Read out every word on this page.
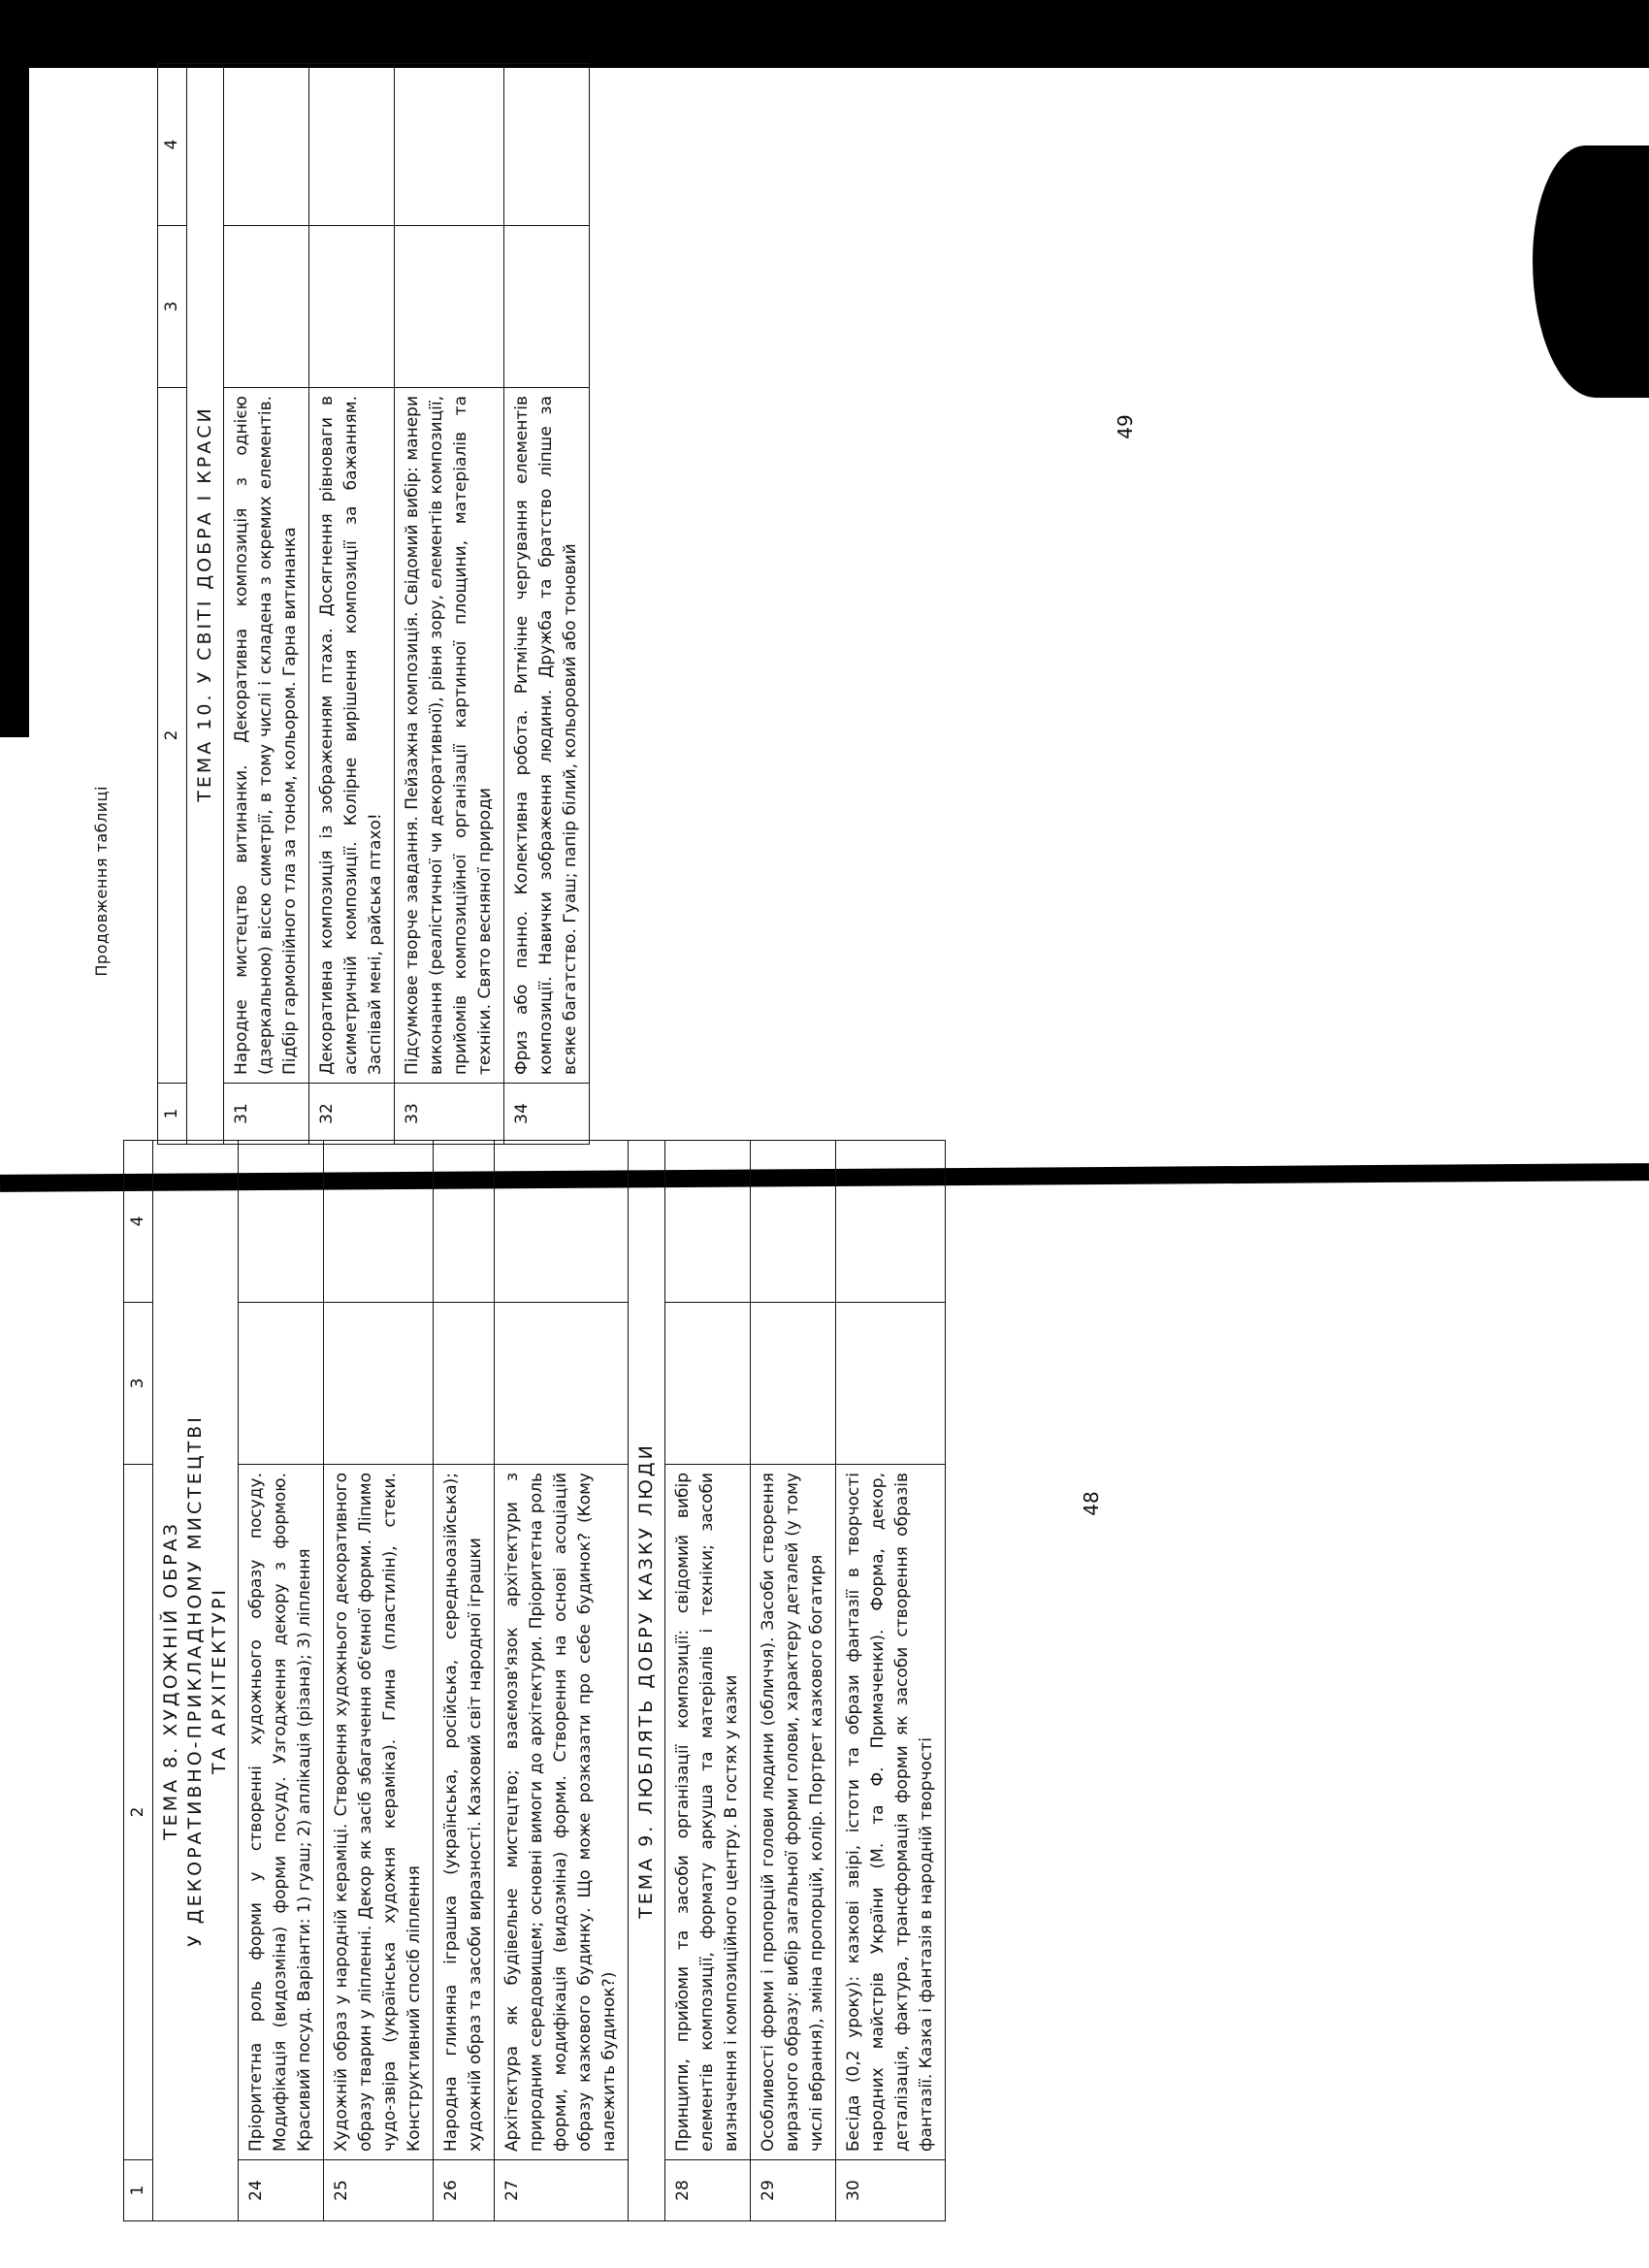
1	2	3	4
ТЕМА 10. У СВІТІ ДОБРА І КРАСИ			
31	Народне мистецтво витинанки. Декоративна композиція з однією (дзеркальною) віссю симетрії, в тому числі і складена з окремих елементів. Підбір гармонійного тла за тоном, кольором. Гарна витинанка		
32	Декоративна композиція із зображенням птаха. Досягнення рівноваги в асиметричній композиції. Колірне вирішення композиції за бажанням. Заспівай мені, райська птахо!		
33	Підсумкове творче завдання. Пейзажна композиція. Свідомий вибір: манери виконання (реалістичної чи декоративної), рівня зору, елементів композиції, прийомів композиційної організації картинної площини, матеріалів та техніки. Свято весняної природи		
34	Фриз або панно. Колективна робота. Ритмічне чергування елементів композиції. Навички зображення людини. Дружба та братство ліпше за всяке багатство. Гуаш; папір білий, кольоровий або тоновий		
49
Продовження таблиці
1	2	3	4

ТЕМА 8. ХУДОЖНІЙ ОБРАЗ У ДЕКОРАТИВНО-ПРИКЛАДНОМУ МИСТЕЦТВІ ТА АРХІТЕКТУРІ			

24	Пріоритетна роль форми у створенні художнього образу посуду. Модифікація (видозміна) форми посуду. Узгодження декору з формою. Красивий посуд. Варіанти: 1) гуаш; 2) аплікація (різана); 3) ліплення		
25	Художній образ у народній кераміці. Створення художнього декоративного образу тварин у ліпленні. Декор як засіб збагачення об'ємної форми. Ліпимо чудо-звіра (українська художня кераміка). Глина (пластилін), стеки. Конструктивний спосіб ліплення		
26	Народна глиняна іграшка (українська, російська, середньоазійська); художній образ та засоби виразності. Казковий світ народної іграшки		
27	Архітектура як будівельне мистецтво; взаємозв'язок архітектури з природним середовищем; основні вимоги до архітектури. Пріоритетна роль форми, модифікація (видозміна) форми. Створення на основі асоціацій образу казкового будинку. Що може розказати про себе будинок? (Кому належить будинок?)		
ТЕМА 9. ЛЮБЛЯТЬ ДОБРУ КАЗКУ ЛЮДИ			
28	Принципи, прийоми та засоби організації композиції: свідомий вибір елементів композиції, формату аркуша та матеріалів і техніки; засоби визначення і композиційного центру. В гостях у казки		
29	Особливості форми і пропорцій голови людини (обличчя). Засоби створення виразного образу: вибір загальної форми голови, характеру деталей (у тому числі вбрання), зміна пропорцій, колір. Портрет казкового богатиря		
30	Бесіда (0,2 уроку): казкові звірі, істоти та образи фантазії в творчості народних майстрів України (М. та Ф. Примаченки). Форма, декор, деталізація, фактура, трансформація форми як засоби створення образів фантазії. Казка і фантазія в народній творчості		
48
